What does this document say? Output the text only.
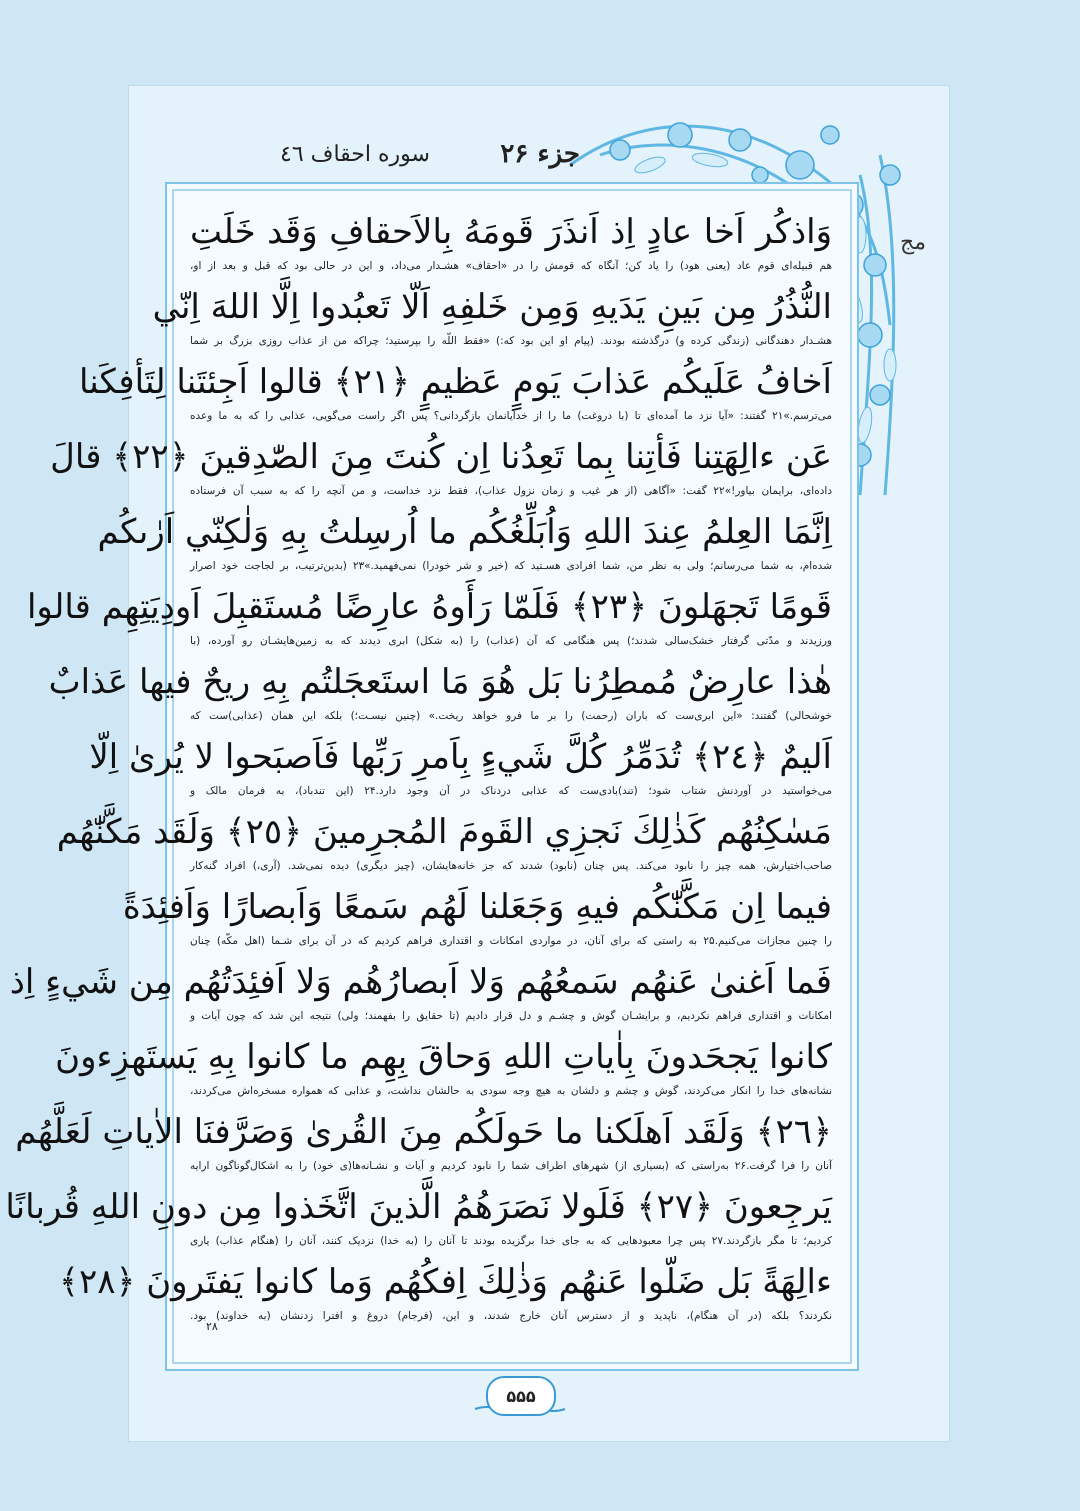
جزء ۲۶
سوره احقاف ٤٦
مج
وَاذكُر اَخا عادٍ اِذ اَنذَرَ قَومَهُ بِالاَحقافِ وَقَد خَلَتِ
هم قبیله‌ای قوم عاد (یعنی هود) را یاد کن؛ آنگاه که قومش را در «احقاف» هشـدار می‌داد، و این در حالی بود که قبل و بعد از او،
النُّذُرُ مِن بَينِ يَدَيهِ وَمِن خَلفِهِ اَلّا تَعبُدوا اِلَّا اللهَ اِنّي
هشـدار دهندگانی (زندگی کرده و) درگذشته بودند. (پیام او این بود که:) «فقط اللّه را بپرستید؛ چراکه من از عذاب روزی بزرگ بر شما
اَخافُ عَلَيكُم عَذابَ يَومٍ عَظيمٍ ﴿٢١﴾ قالوا اَجِئتَنا لِتَأفِكَنا
می‌ترسم.»۲۱ گفتند: «آیا نزد ما آمده‌ای تا (با دروغت) ما را از خدایانمان بازگردانی؟ پس اگر راست می‌گویی، عذابی را که به ما وعده
عَن ءالِهَتِنا فَأتِنا بِما تَعِدُنا اِن كُنتَ مِنَ الصّٰدِقينَ ﴿٢٢﴾ قالَ
داده‌ای، برایمان بیاور!»۲۲ گفت: «آگاهی (از هر غیب و زمان نزول عذاب)، فقط نزد خداست، و من آنچه را که به سبب آن فرستاده
اِنَّمَا العِلمُ عِندَ اللهِ وَاُبَلِّغُكُم ما اُرسِلتُ بِهِ وَلٰكِنّي اَرٰىكُم
شده‌ام، به شما می‌رسانم؛ ولی به نظر من، شما افرادی هسـتید که (خیر و شر خودرا) نمی‌فهمید.»۲۳ (بدین‌ترتیب، بر لجاجت خود اصرار
قَومًا تَجهَلونَ ﴿٢٣﴾ فَلَمّا رَأَوهُ عارِضًا مُستَقبِلَ اَودِيَتِهِم قالوا
ورزیدند و مدّتی گرفتار خشک‌سالی شدند؛) پس هنگامی که آن (عذاب) را (به شکل) ابری دیدند که به زمین‌هایشـان رو آورده، (با
هٰذا عارِضٌ مُمطِرُنا بَل هُوَ مَا استَعجَلتُم بِهِ ريحٌ فيها عَذابٌ
خوشحالی) گفتند: «این ابری‌ست که باران (رحمت) را بر ما فرو خواهد ریخت.» (چنین نیسـت؛) بلکه این همان (عذابی)ست که
اَليمٌ ﴿٢٤﴾ تُدَمِّرُ كُلَّ شَيءٍ بِاَمرِ رَبِّها فَاَصبَحوا لا يُرىٰ اِلّا
می‌خواستید در آوردنش شتاب شود؛ (تند)بادی‌ست که عذابی دردناک در آن وجود دارد.۲۴ (این تندباد)، به فرمان مالک و
مَسٰكِنُهُم كَذٰلِكَ نَجزِي القَومَ المُجرِمينَ ﴿٢٥﴾ وَلَقَد مَكَّنّٰهُم
صاحب‌اختیارش، همه چیز را نابود می‌کند. پس چنان (نابود) شدند که جز خانه‌هایشان، (چیز دیگری) دیده نمی‌شد. (آری،) افراد گنه‌کار
فيما اِن مَكَّنّٰكُم فيهِ وَجَعَلنا لَهُم سَمعًا وَاَبصارًا وَاَفئِدَةً
را چنین مجازات می‌کنیم.۲۵ به راستی که برای آنان، در مواردی امکانات و اقتداری فراهم کردیم که در آن برای شـما (اهل مکّه) چنان
فَما اَغنىٰ عَنهُم سَمعُهُم وَلا اَبصارُهُم وَلا اَفئِدَتُهُم مِن شَيءٍ اِذ
امکانات و اقتداری فراهم نکردیم، و برایشـان گوش و چشـم و دل قرار دادیم (تا حقایق را بفهمند؛ ولی) نتیجه این شد که چون آیات و
كانوا يَجحَدونَ بِاٰياتِ اللهِ وَحاقَ بِهِم ما كانوا بِهِ يَستَهزِءونَ
نشانه‌های خدا را انکار می‌کردند، گوش و چشم و دلشان به هیچ وجه سودی به حالشان نداشت، و عذابی که همواره مسخره‌اش می‌کردند،
﴿٢٦﴾ وَلَقَد اَهلَكنا ما حَولَكُم مِنَ القُرىٰ وَصَرَّفنَا الاٰياتِ لَعَلَّهُم
آنان را فرا گرفت.۲۶ به‌راستی که (بسیاری از) شهرهای اطراف شما را نابود کردیم و آیات و نشـانه‌ها(ی خود) را به اشکال‌گوناگون ارایه
يَرجِعونَ ﴿٢٧﴾ فَلَولا نَصَرَهُمُ الَّذينَ اتَّخَذوا مِن دونِ اللهِ قُربانًا
کردیم؛ تا مگر بازگردند.۲۷ پس چرا معبودهایی که به جای خدا برگزیده بودند تا آنان را (به خدا) نزدیک کنند، آنان را (هنگام عذاب) یاری
ءالِهَةً بَل ضَلّوا عَنهُم وَذٰلِكَ اِفكُهُم وَما كانوا يَفتَرونَ ﴿٢٨﴾
نکردند؟ بلکه (در آن هنگام)، ناپدید و از دسترس آنان خارج شدند، و این، (فرجام) دروغ و افترا زدنشان (به خداوند) بود.
۲۸
۵۵۵
